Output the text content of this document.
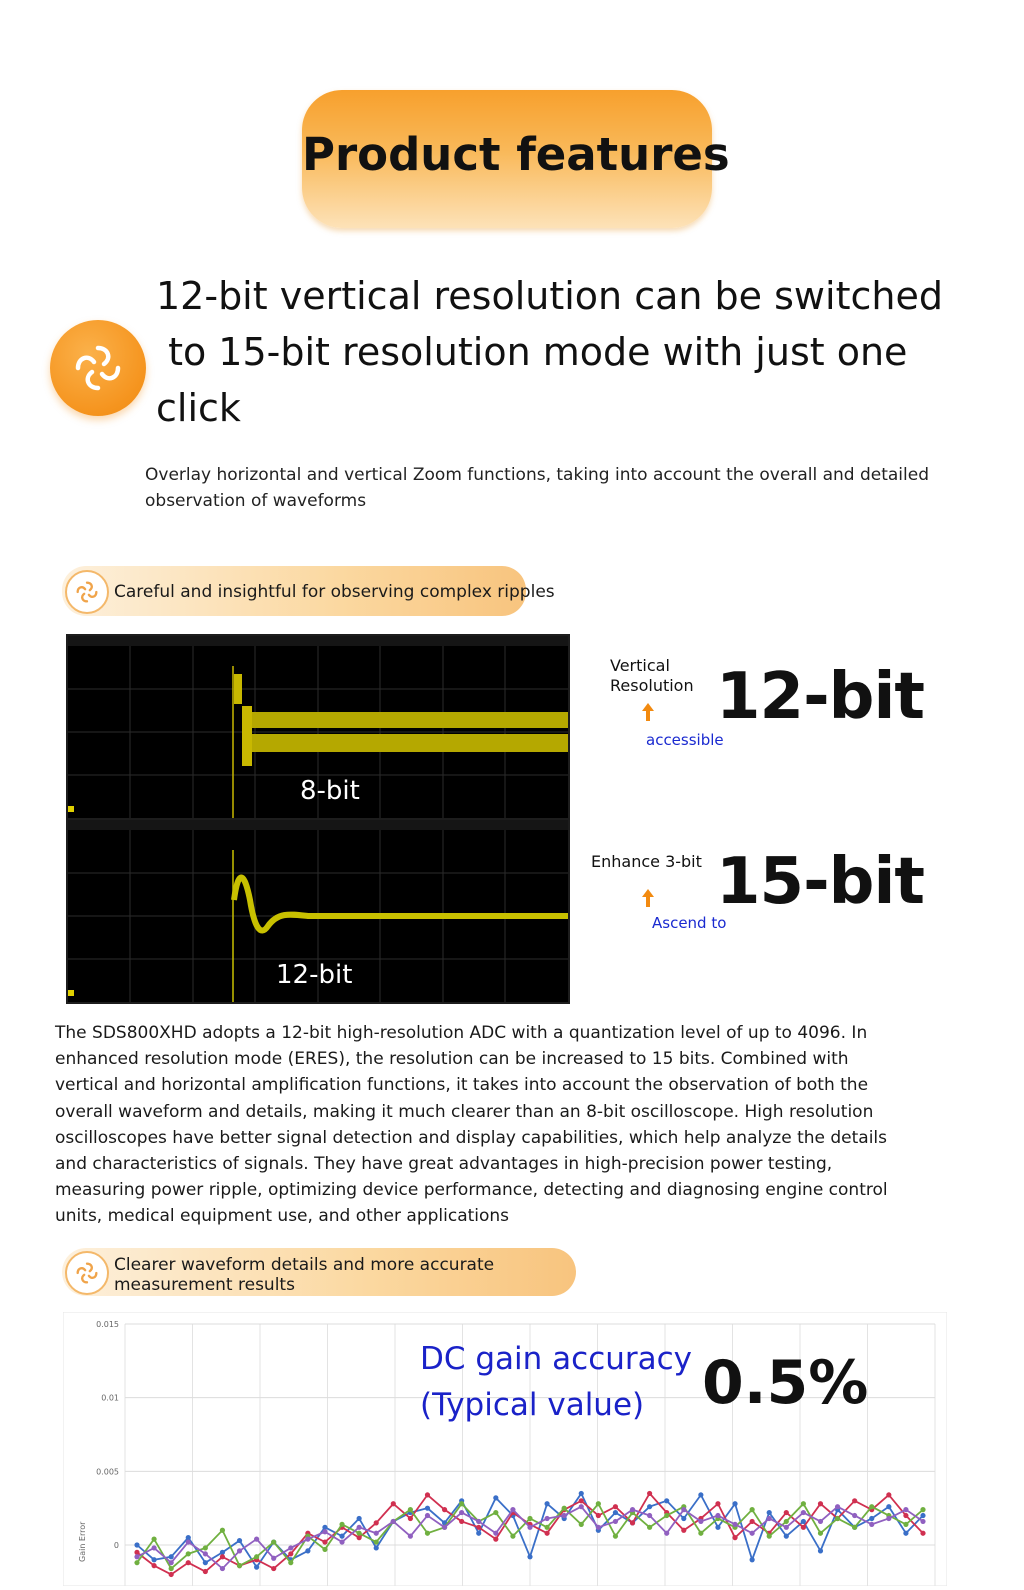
Product features
12-bit vertical resolution can be switched
to 15-bit resolution mode with just one
click
Overlay horizontal and vertical Zoom functions, taking into account the overall and detailed observation of waveforms
Careful and insightful for observing complex ripples
8-bit
12-bit
Vertical
Resolution
accessible
12-bit
Enhance 3-bit
Ascend to
15-bit
The SDS800XHD adopts a 12-bit high-resolution ADC with a quantization level of up to 4096. In enhanced resolution mode (ERES), the resolution can be increased to 15 bits. Combined with vertical and horizontal amplification functions, it takes into account the observation of both the overall waveform and details, making it much clearer than an 8-bit oscilloscope. High resolution oscilloscopes have better signal detection and display capabilities, which help analyze the details and characteristics of signals. They have great advantages in high-precision power testing, measuring power ripple, optimizing device performance, detecting and diagnosing engine control units, medical equipment use, and other applications
Clearer waveform details and more accurate
measurement results
0.015
0.01
0.005
0
Gain Error
DC gain accuracy
(Typical value) 0.5%
